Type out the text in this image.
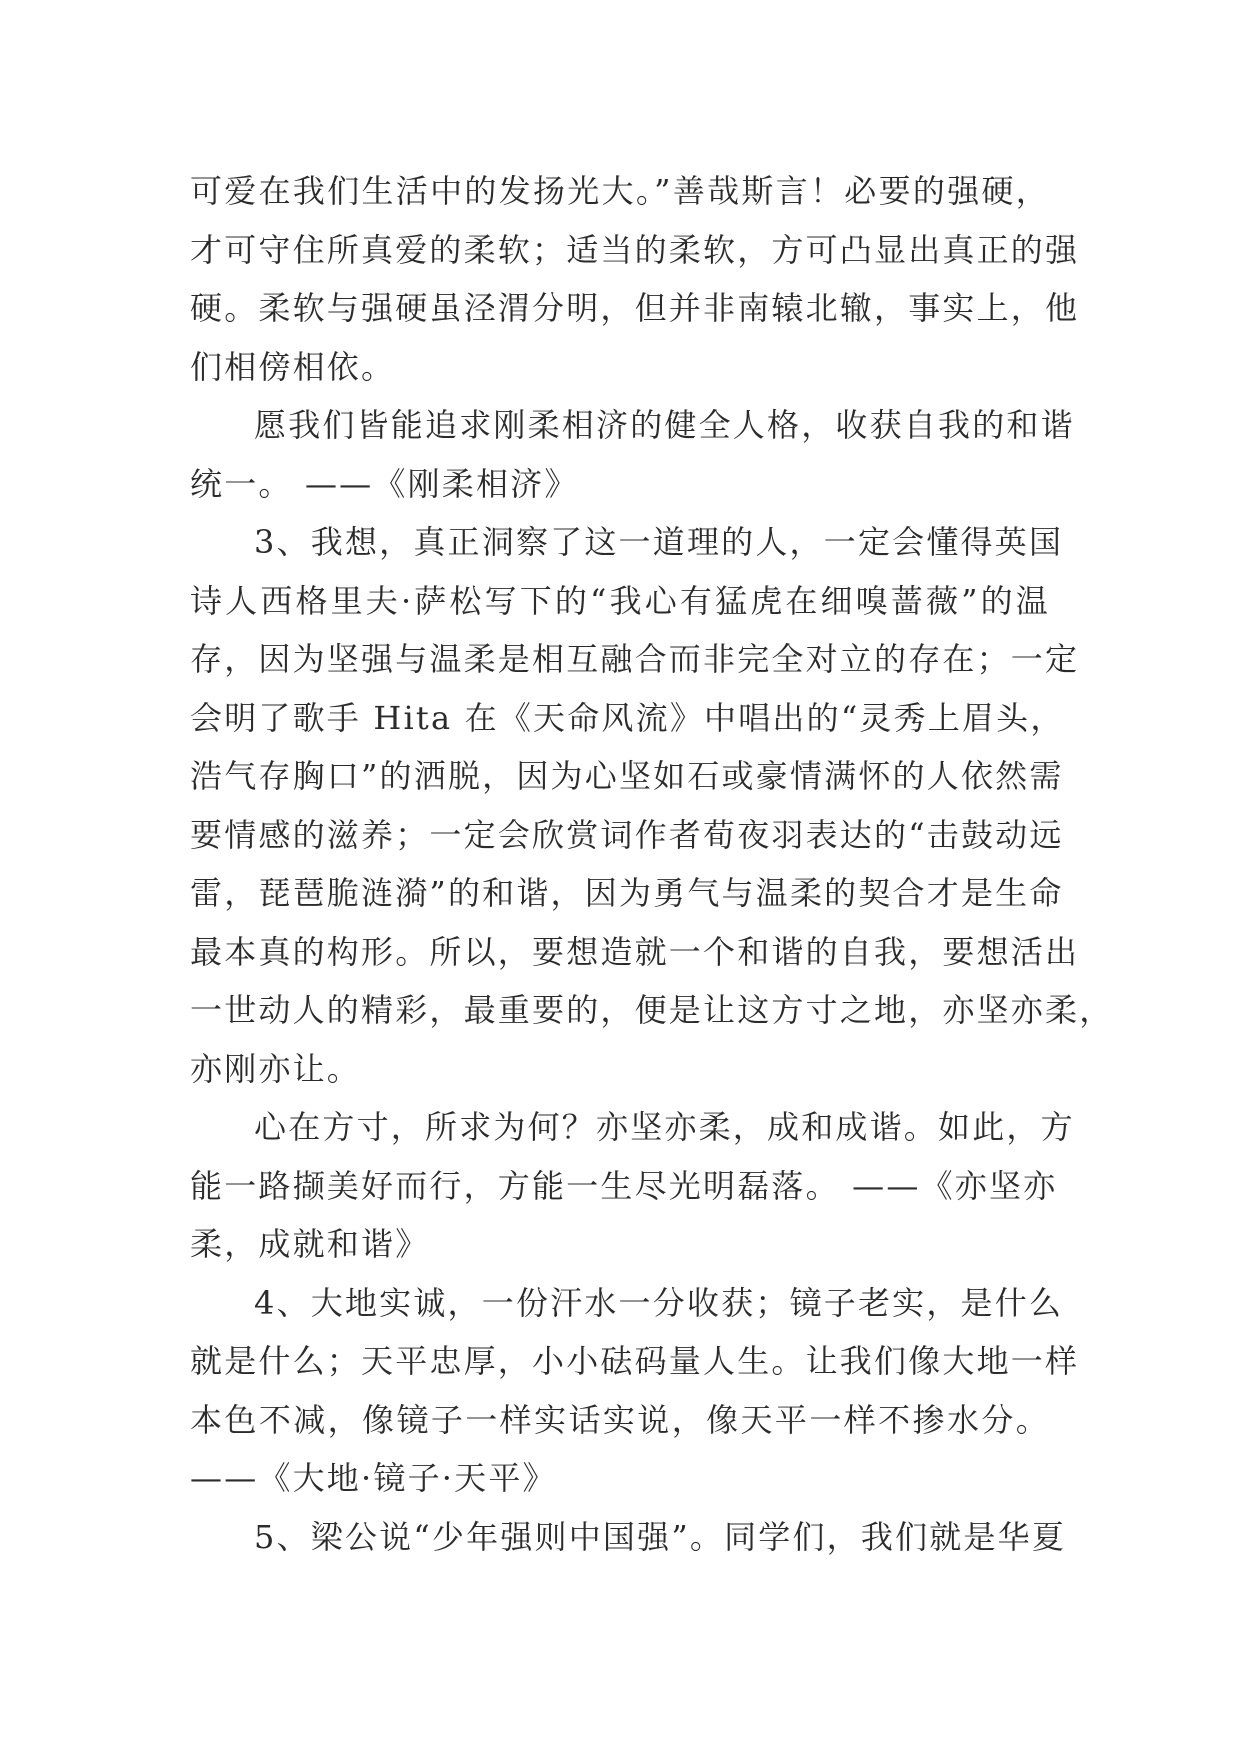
可爱在我们生活中的发扬光大。”善哉斯言！必要的强硬，
才可守住所真爱的柔软；适当的柔软，方可凸显出真正的强
硬。柔软与强硬虽泾渭分明，但并非南辕北辙，事实上，他
们相傍相依。
愿我们皆能追求刚柔相济的健全人格，收获自我的和谐
统一。 ——《刚柔相济》
3、我想，真正洞察了这一道理的人，一定会懂得英国
诗人西格里夫·萨松写下的“我心有猛虎在细嗅蔷薇”的温
存，因为坚强与温柔是相互融合而非完全对立的存在；一定
会明了歌手 Hita 在《天命风流》中唱出的“灵秀上眉头，
浩气存胸口”的洒脱，因为心坚如石或豪情满怀的人依然需
要情感的滋养；一定会欣赏词作者荀夜羽表达的“击鼓动远
雷，琵琶脆涟漪”的和谐，因为勇气与温柔的契合才是生命
最本真的构形。所以，要想造就一个和谐的自我，要想活出
一世动人的精彩，最重要的，便是让这方寸之地，亦坚亦柔，
亦刚亦让。
心在方寸，所求为何？亦坚亦柔，成和成谐。如此，方
能一路撷美好而行，方能一生尽光明磊落。 ——《亦坚亦
柔，成就和谐》
4、大地实诚，一份汗水一分收获；镜子老实，是什么
就是什么；天平忠厚，小小砝码量人生。让我们像大地一样
本色不减，像镜子一样实话实说，像天平一样不掺水分。
——《大地·镜子·天平》
5、梁公说“少年强则中国强”。同学们，我们就是华夏
